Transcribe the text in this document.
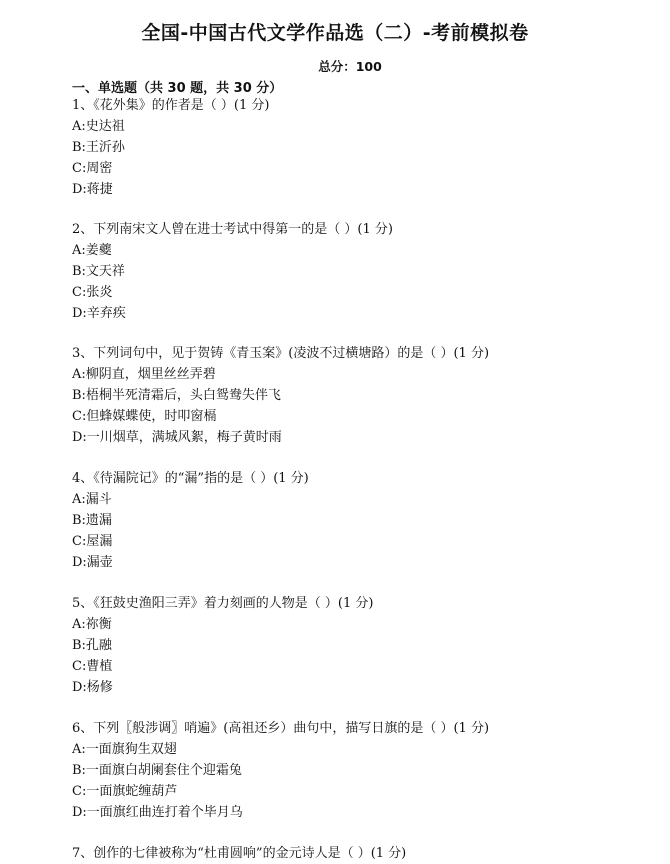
全国-中国古代文学作品选（二）-考前模拟卷
总分：100
一、单选题（共 30 题，共 30 分）
1、《花外集》的作者是（ ）(1 分)
A:史达祖
B:王沂孙
C:周密
D:蒋捷
2、下列南宋文人曾在进士考试中得第一的是（ ）(1 分)
A:姜夔
B:文天祥
C:张炎
D:辛弃疾
3、下列词句中，见于贺铸《青玉案》(凌波不过横塘路）的是（ ）(1 分)
A:柳阴直，烟里丝丝弄碧
B:梧桐半死清霜后，头白鸳鸯失伴飞
C:但蜂媒蝶使，时叩窗槅
D:一川烟草，满城风絮，梅子黄时雨
4、《待漏院记》的“漏”指的是（ ）(1 分)
A:漏斗
B:遗漏
C:屋漏
D:漏壶
5、《狂鼓史渔阳三弄》着力刻画的人物是（ ）(1 分)
A:祢衡
B:孔融
C:曹植
D:杨修
6、下列〖般涉调〗哨遍》(高祖还乡）曲句中，描写日旗的是（ ）(1 分)
A:一面旗狗生双翅
B:一面旗白胡阑套住个迎霜兔
C:一面旗蛇缠葫芦
D:一面旗红曲连打着个毕月乌
7、创作的七律被称为“杜甫圆响”的金元诗人是（ ）(1 分)
